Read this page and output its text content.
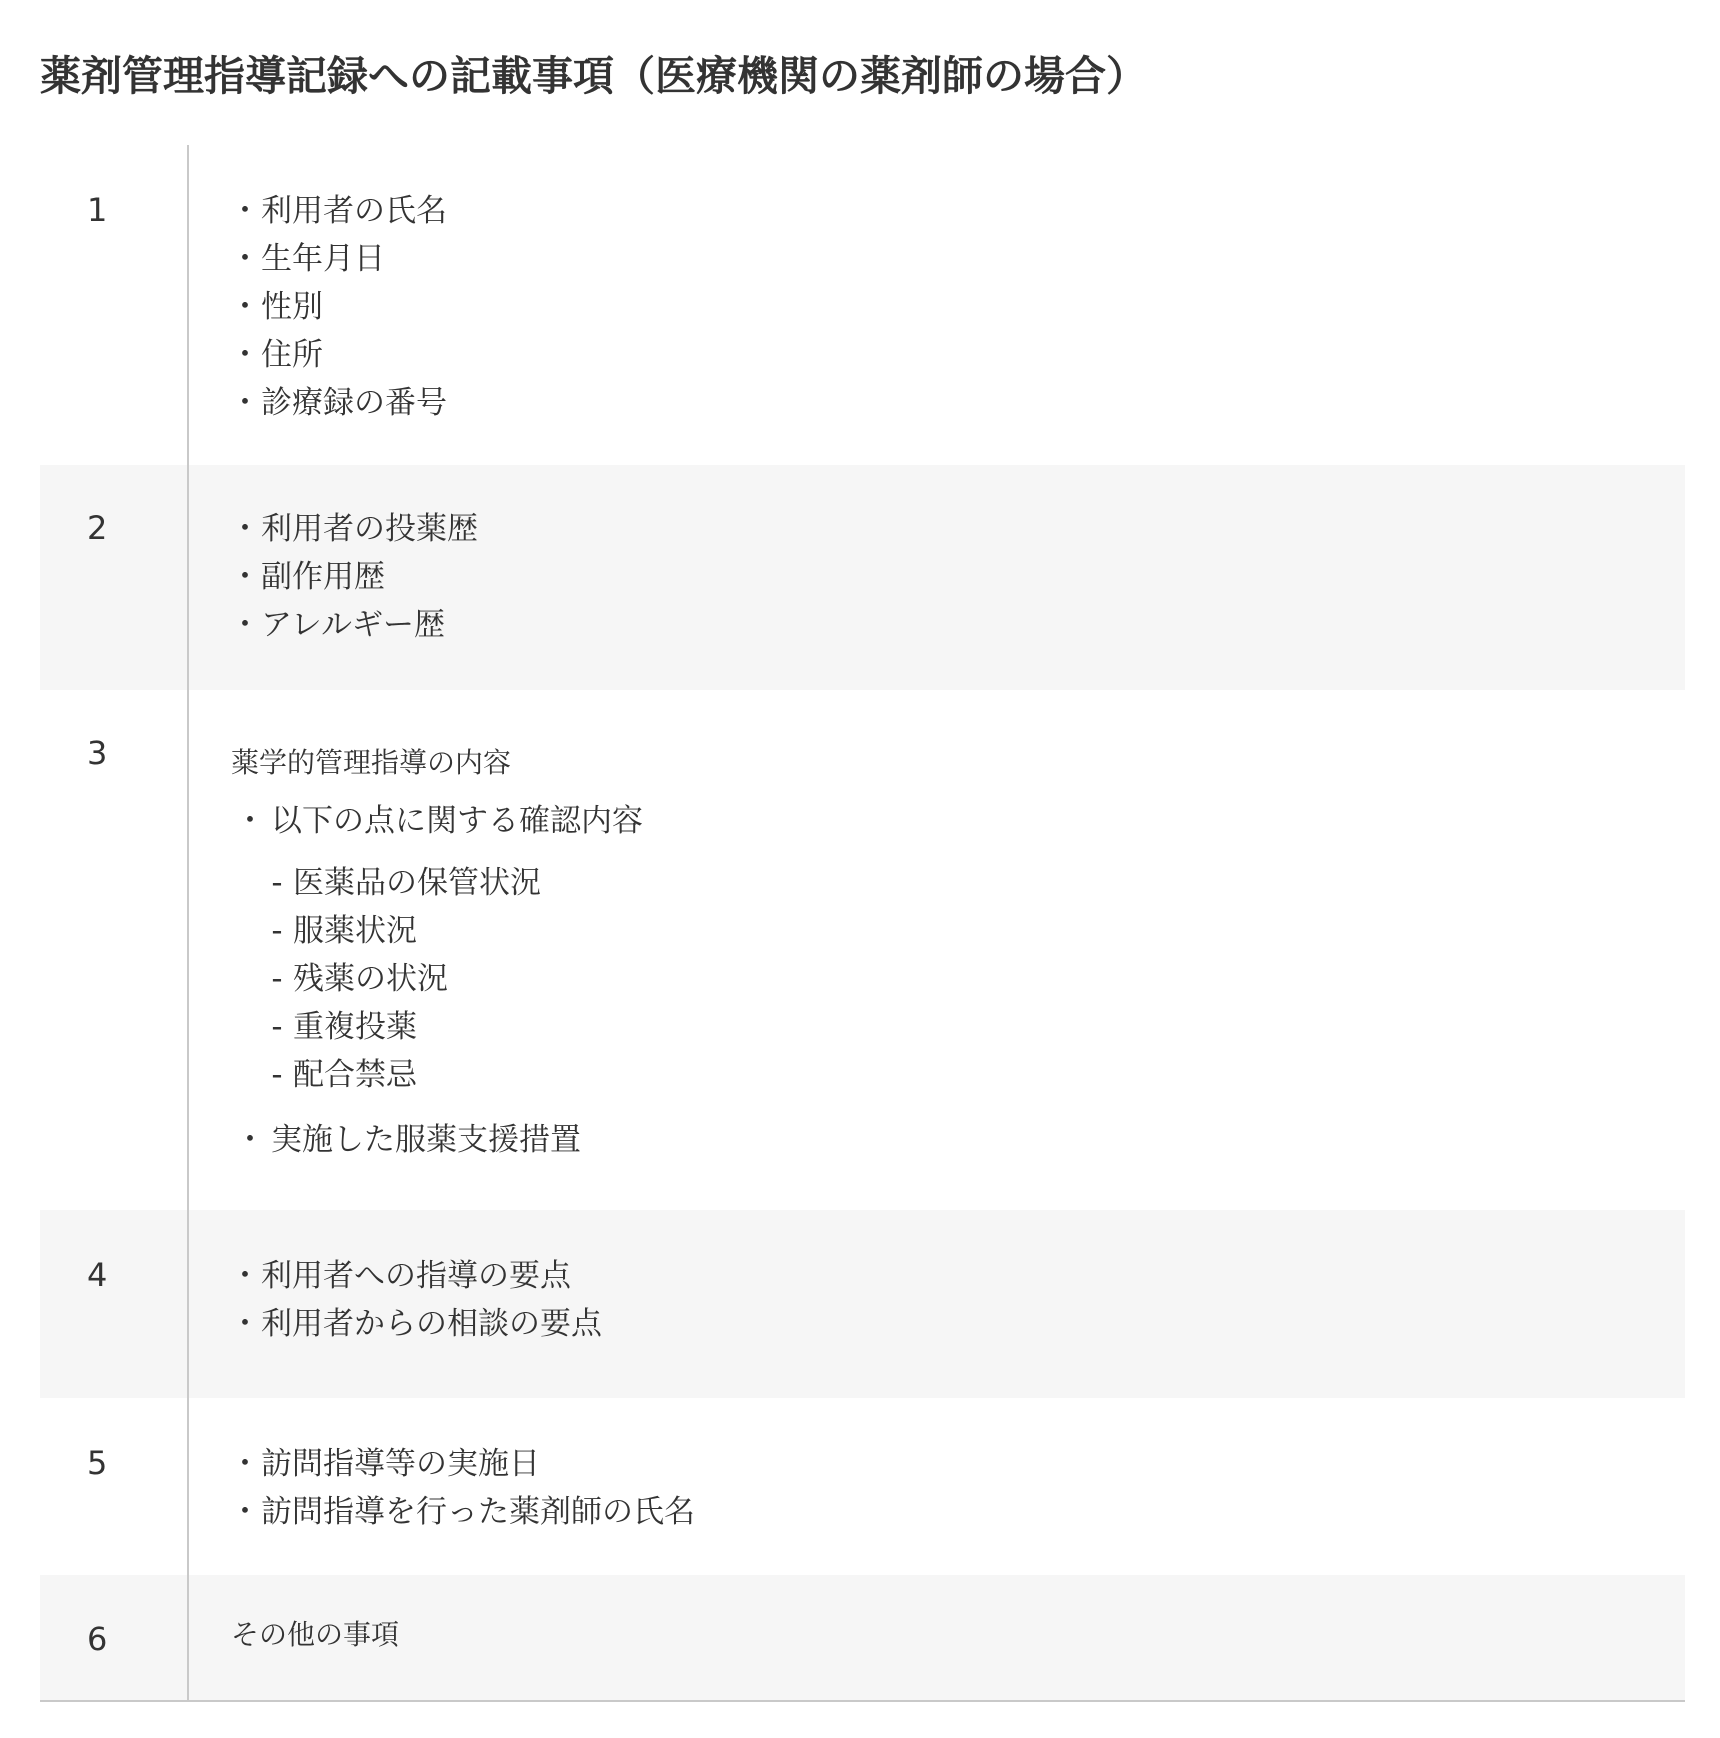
薬剤管理指導記録への記載事項（医療機関の薬剤師の場合）
1	・利用者の氏名
・生年月日
・性別
・住所
・診療録の番号
2	・利用者の投薬歴
・副作用歴
・アレルギー歴
3	薬学的管理指導の内容
・ 以下の点に関する確認内容
- 医薬品の保管状況
- 服薬状況
- 残薬の状況
- 重複投薬
- 配合禁忌
・ 実施した服薬支援措置
4	・利用者への指導の要点
・利用者からの相談の要点
5	・訪問指導等の実施日
・訪問指導を行った薬剤師の氏名
6	その他の事項
